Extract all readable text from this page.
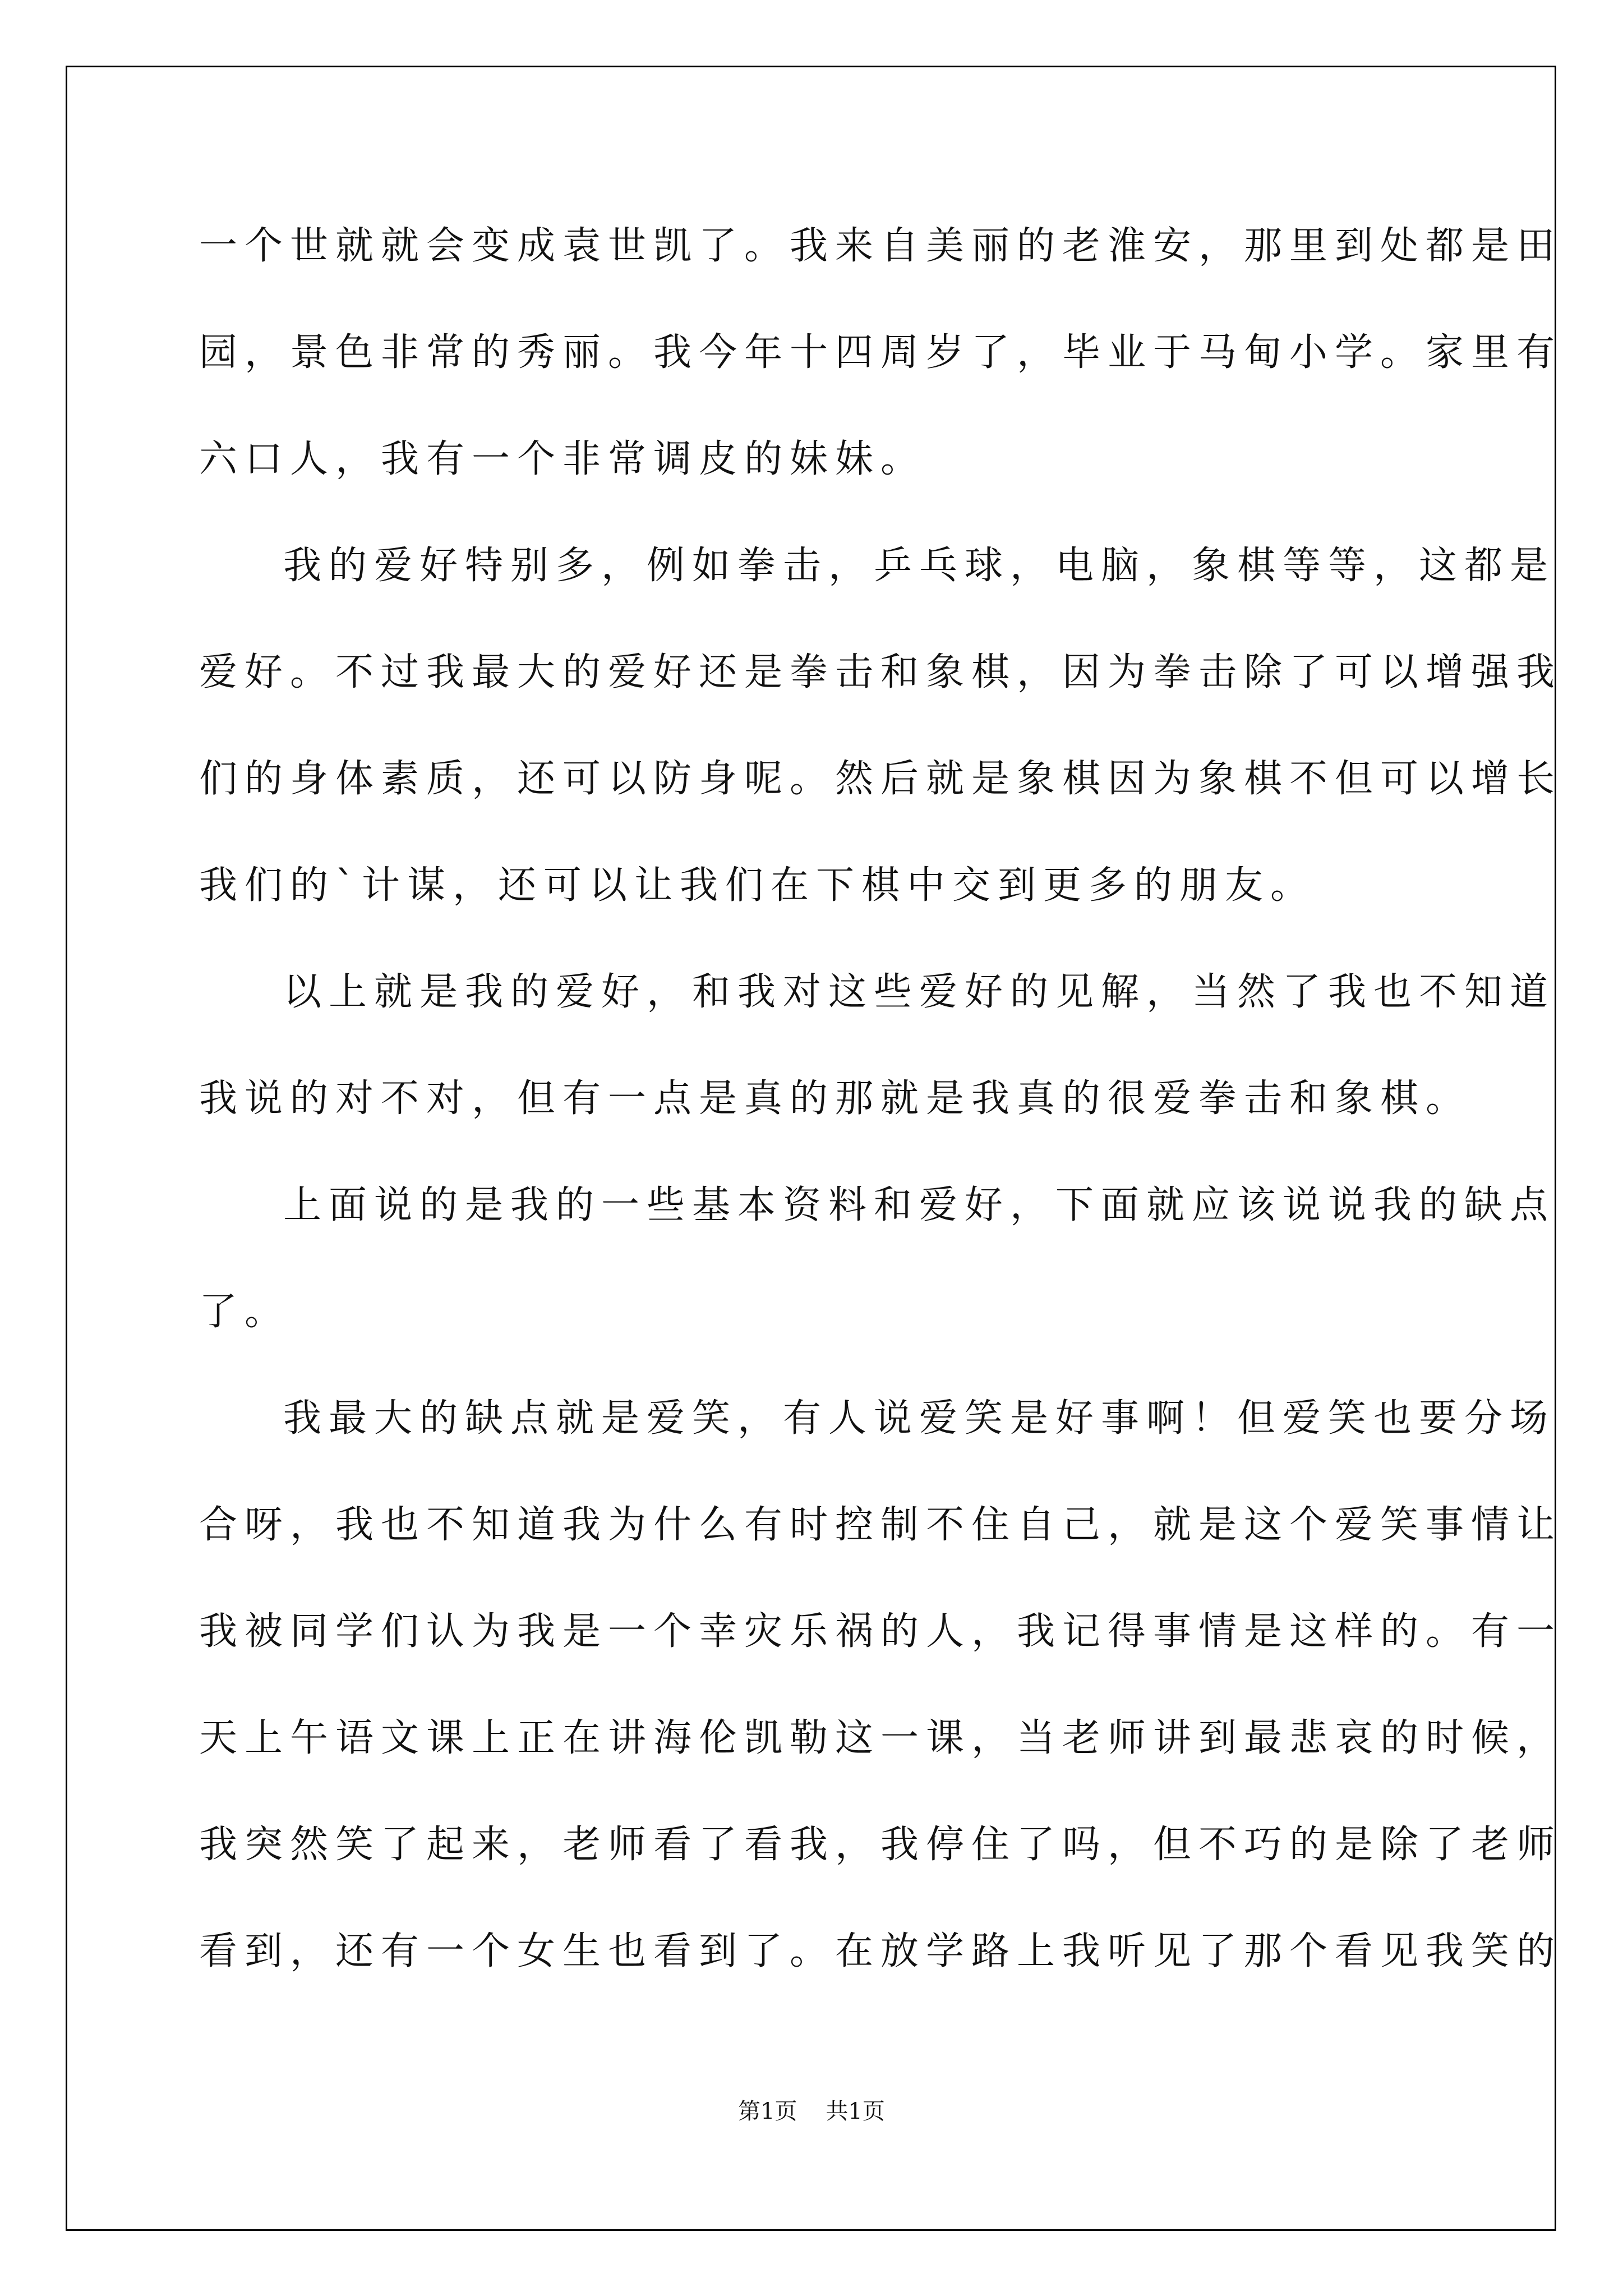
一个世就就会变成袁世凯了。我来自美丽的老淮安，那里到处都是田
园，景色非常的秀丽。我今年十四周岁了，毕业于马甸小学。家里有
六口人，我有一个非常调皮的妹妹。
我的爱好特别多，例如拳击，乒乓球，电脑，象棋等等，这都是
爱好。不过我最大的爱好还是拳击和象棋，因为拳击除了可以增强我
们的身体素质，还可以防身呢。然后就是象棋因为象棋不但可以增长
我们的`计谋，还可以让我们在下棋中交到更多的朋友。
以上就是我的爱好，和我对这些爱好的见解，当然了我也不知道
我说的对不对，但有一点是真的那就是我真的很爱拳击和象棋。
上面说的是我的一些基本资料和爱好，下面就应该说说我的缺点
了。
我最大的缺点就是爱笑，有人说爱笑是好事啊！但爱笑也要分场
合呀，我也不知道我为什么有时控制不住自己，就是这个爱笑事情让
我被同学们认为我是一个幸灾乐祸的人，我记得事情是这样的。有一
天上午语文课上正在讲海伦凯勒这一课，当老师讲到最悲哀的时候，
我突然笑了起来，老师看了看我，我停住了吗，但不巧的是除了老师
看到，还有一个女生也看到了。在放学路上我听见了那个看见我笑的
第1页    共1页
